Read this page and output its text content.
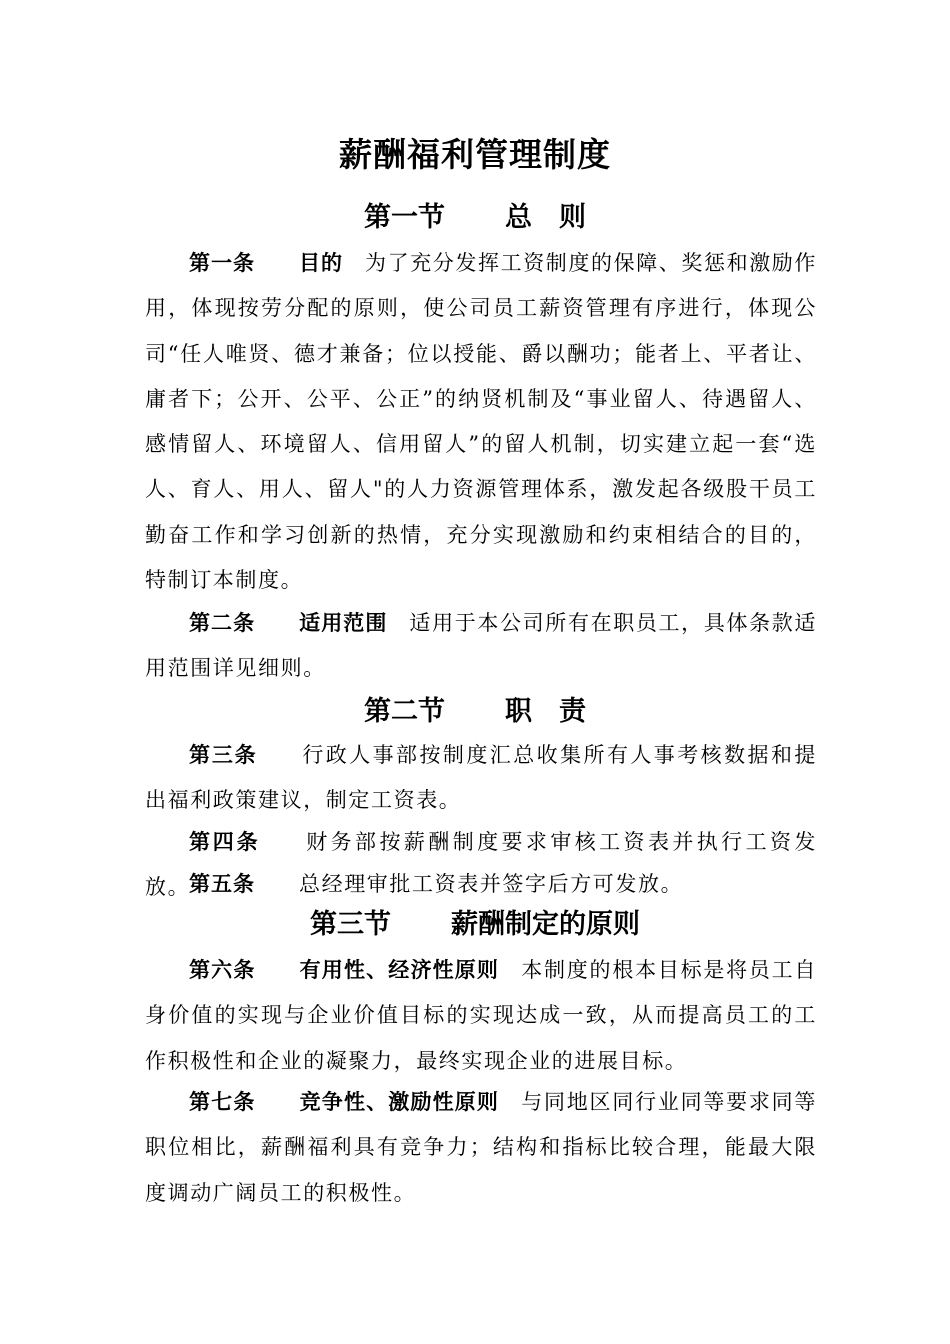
薪酬福利管理制度
第一节 总　则

第一条 目的 为了充分发挥工资制度的保障、奖惩和激励作用，体现按劳分配的原则，使公司员工薪资管理有序进行，体现公司“任人唯贤、德才兼备；位以授能、爵以酬功；能者上、平者让、庸者下；公开、公平、公正”的纳贤机制及“事业留人、待遇留人、感情留人、环境留人、信用留人”的留人机制，切实建立起一套“选人、育人、用人、留人"的人力资源管理体系，激发起各级股干员工勤奋工作和学习创新的热情，充分实现激励和约束相结合的目的，特制订本制度。

第二条 适用范围 适用于本公司所有在职员工，具体条款适用范围详见细则。

第二节 职　责

第三条 行政人事部按制度汇总收集所有人事考核数据和提出福利政策建议，制定工资表。

第四条 财务部按薪酬制度要求审核工资表并执行工资发放。

第五条 总经理审批工资表并签字后方可发放。

第三节 薪酬制定的原则

第六条 有用性、经济性原则 本制度的根本目标是将员工自身价值的实现与企业价值目标的实现达成一致，从而提高员工的工作积极性和企业的凝聚力，最终实现企业的进展目标。

第七条 竞争性、激励性原则 与同地区同行业同等要求同等职位相比，薪酬福利具有竞争力；结构和指标比较合理，能最大限度调动广阔员工的积极性。
